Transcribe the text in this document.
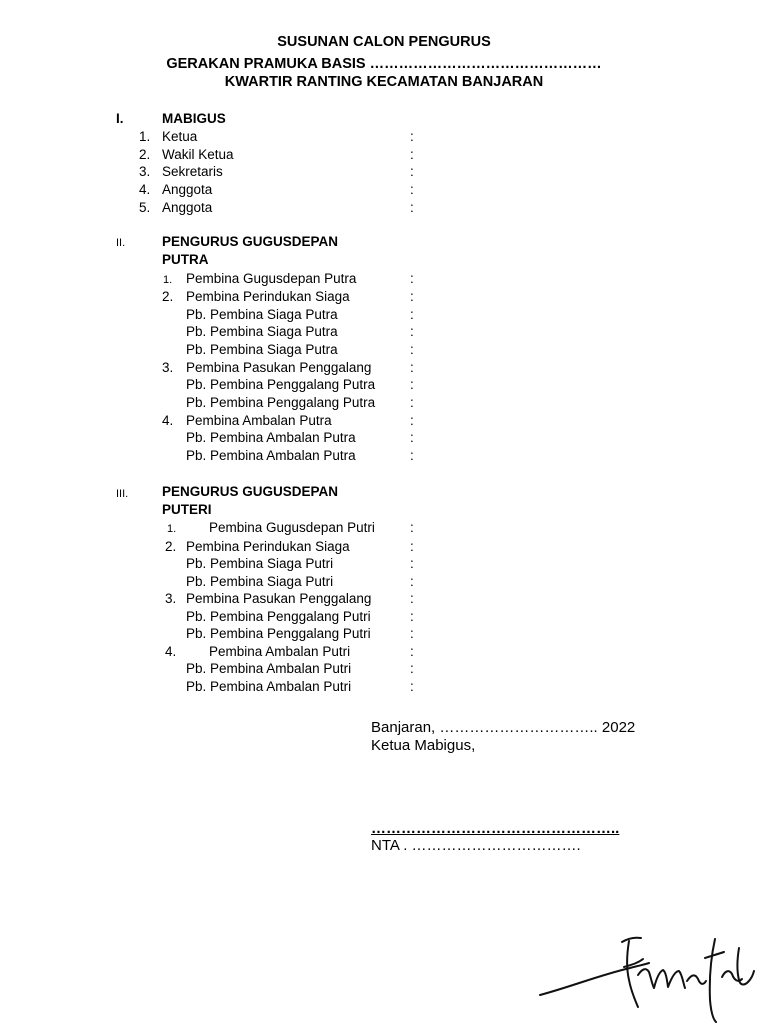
SUSUNAN CALON PENGURUS
GERAKAN PRAMUKA BASIS …………………………………………
KWARTIR RANTING KECAMATAN BANJARAN
I.	MABIGUS
1. Ketua	:
2. Wakil Ketua	:
3. Sekretaris	:
4. Anggota	:
5. Anggota	:
II.	PENGURUS GUGUSDEPAN
PUTRA
1. Pembina Gugusdepan Putra	:
2. Pembina Perindukan Siaga	:
Pb. Pembina Siaga Putra	:
Pb. Pembina Siaga Putra	:
Pb. Pembina Siaga Putra	:
3. Pembina Pasukan Penggalang	:
Pb. Pembina Penggalang Putra	:
Pb. Pembina Penggalang Putra	:
4. Pembina Ambalan Putra	:
Pb. Pembina Ambalan Putra	:
Pb. Pembina Ambalan Putra	:
III.	PENGURUS GUGUSDEPAN
PUTERI
1. Pembina Gugusdepan Putri	:
2. Pembina Perindukan Siaga	:
Pb. Pembina Siaga Putri	:
Pb. Pembina Siaga Putri	:
3. Pembina Pasukan Penggalang	:
Pb. Pembina Penggalang Putri	:
Pb. Pembina Penggalang Putri	:
4. Pembina Ambalan Putri	:
Pb. Pembina Ambalan Putri	:
Pb. Pembina Ambalan Putri	:
Banjaran, ………………………….. 2022
Ketua Mabigus,
…………………………………………..
NTA . …………………………….
